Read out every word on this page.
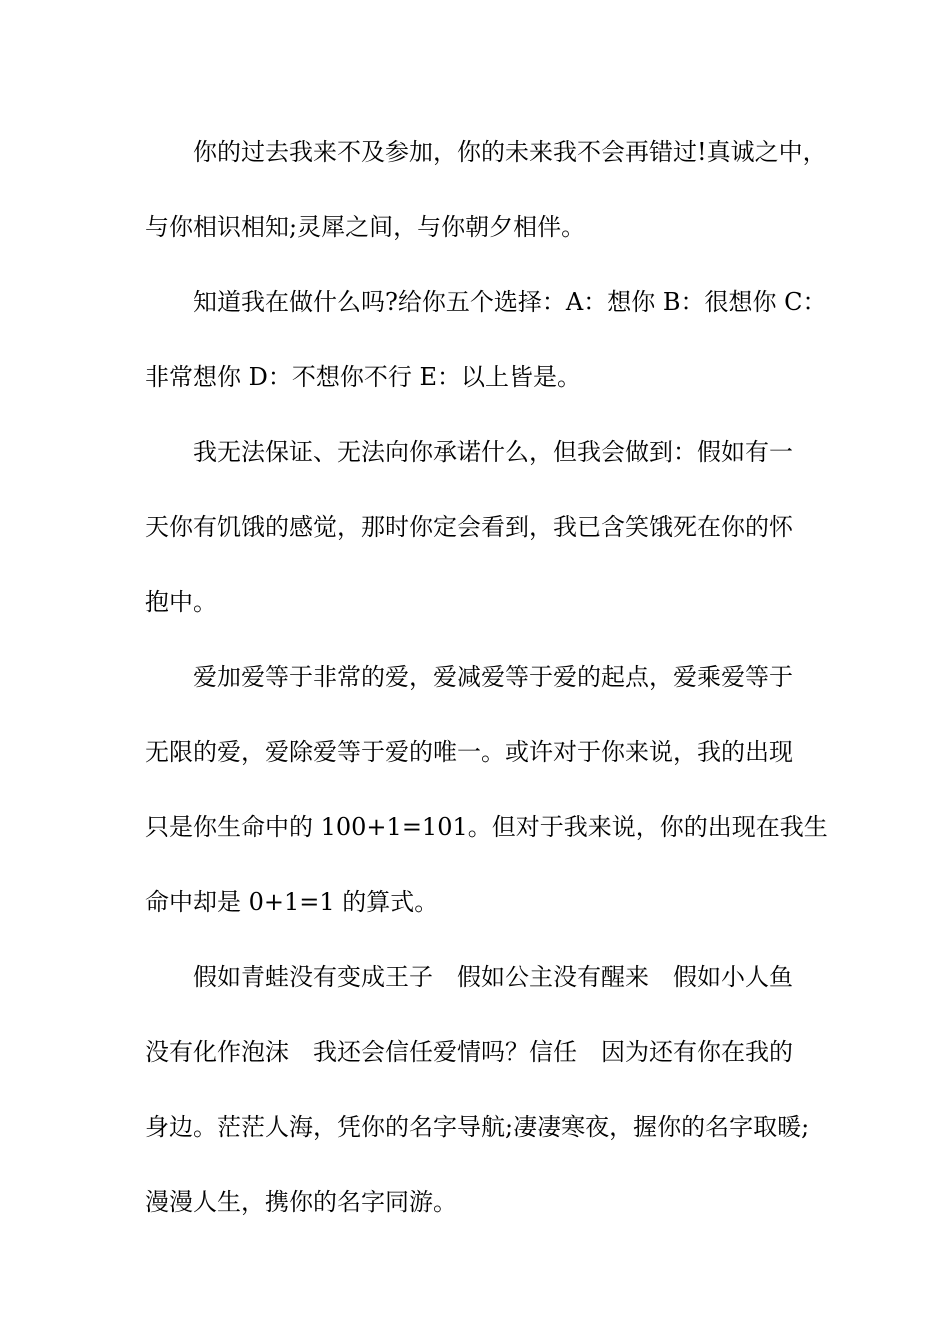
你的过去我来不及参加，你的未来我不会再错过!真诚之中，
与你相识相知;灵犀之间，与你朝夕相伴。
知道我在做什么吗?给你五个选择：A：想你 B：很想你 C：
非常想你 D：不想你不行 E：以上皆是。
我无法保证、无法向你承诺什么，但我会做到：假如有一
天你有饥饿的感觉，那时你定会看到，我已含笑饿死在你的怀
抱中。
爱加爱等于非常的爱，爱减爱等于爱的起点，爱乘爱等于
无限的爱，爱除爱等于爱的唯一。或许对于你来说，我的出现
只是你生命中的 100+1=101。但对于我来说，你的出现在我生
命中却是 0+1=1 的算式。
假如青蛙没有变成王子　假如公主没有醒来　假如小人鱼
没有化作泡沫　我还会信任爱情吗？信任　因为还有你在我的
身边。茫茫人海，凭你的名字导航;凄凄寒夜，握你的名字取暖;
漫漫人生，携你的名字同游。
